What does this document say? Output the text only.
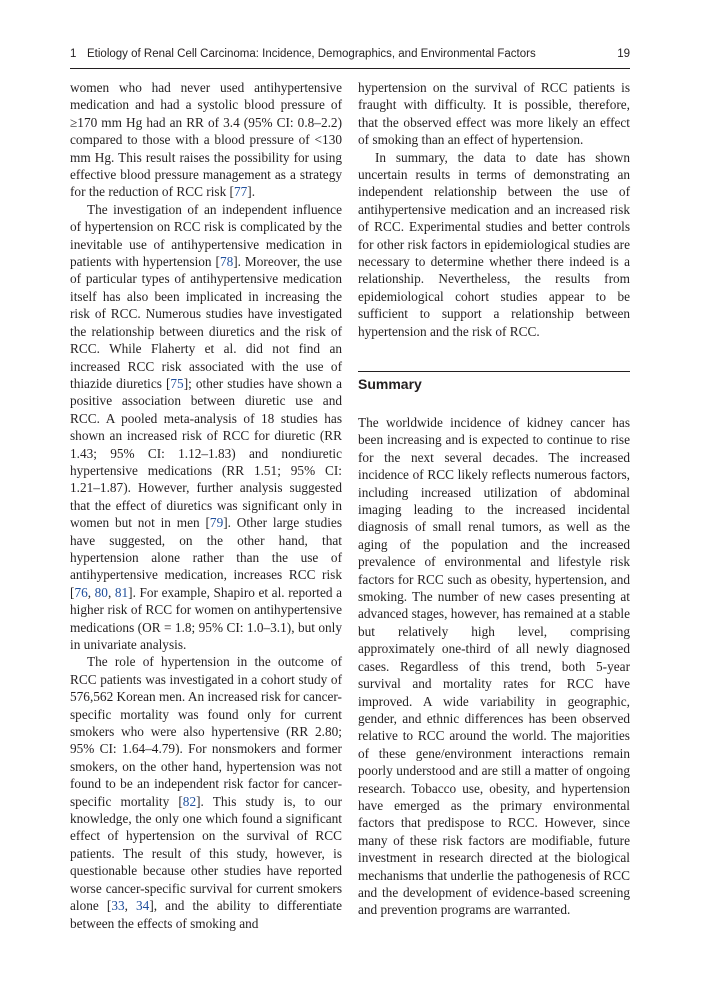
1 Etiology of Renal Cell Carcinoma: Incidence, Demographics, and Environmental Factors	19

women who had never used antihypertensive medication and had a systolic blood pressure of ≥170 mm Hg had an RR of 3.4 (95% CI: 0.8–2.2) compared to those with a blood pressure of <130 mm Hg. This result raises the possibility for using effective blood pressure management as a strategy for the reduction of RCC risk [77].

The investigation of an independent influence of hypertension on RCC risk is complicated by the inevitable use of antihypertensive medication in patients with hypertension [78]. Moreover, the use of particular types of antihypertensive medication itself has also been implicated in increasing the risk of RCC. Numerous studies have investigated the relationship between diuretics and the risk of RCC. While Flaherty et al. did not find an increased RCC risk associated with the use of thiazide diuretics [75]; other studies have shown a positive association between diuretic use and RCC. A pooled meta-analysis of 18 studies has shown an increased risk of RCC for diuretic (RR 1.43; 95% CI: 1.12–1.83) and nondiuretic hypertensive medications (RR 1.51; 95% CI: 1.21–1.87). However, further analysis suggested that the effect of diuretics was significant only in women but not in men [79]. Other large studies have suggested, on the other hand, that hypertension alone rather than the use of antihypertensive medication, increases RCC risk [76, 80, 81]. For example, Shapiro et al. reported a higher risk of RCC for women on antihypertensive medications (OR = 1.8; 95% CI: 1.0–3.1), but only in univariate analysis.

The role of hypertension in the outcome of RCC patients was investigated in a cohort study of 576,562 Korean men. An increased risk for cancer-specific mortality was found only for current smokers who were also hypertensive (RR 2.80; 95% CI: 1.64–4.79). For nonsmokers and former smokers, on the other hand, hypertension was not found to be an independent risk factor for cancer-specific mortality [82]. This study is, to our knowledge, the only one which found a significant effect of hypertension on the survival of RCC patients. The result of this study, however, is questionable because other studies have reported worse cancer-specific survival for current smokers alone [33, 34], and the ability to differentiate between the effects of smoking and

hypertension on the survival of RCC patients is fraught with difficulty. It is possible, therefore, that the observed effect was more likely an effect of smoking than an effect of hypertension.

In summary, the data to date has shown uncertain results in terms of demonstrating an independent relationship between the use of antihypertensive medication and an increased risk of RCC. Experimental studies and better controls for other risk factors in epidemiological studies are necessary to determine whether there indeed is a relationship. Nevertheless, the results from epidemiological cohort studies appear to be sufficient to support a relationship between hypertension and the risk of RCC.

Summary

The worldwide incidence of kidney cancer has been increasing and is expected to continue to rise for the next several decades. The increased incidence of RCC likely reflects numerous factors, including increased utilization of abdominal imaging leading to the increased incidental diagnosis of small renal tumors, as well as the aging of the population and the increased prevalence of environmental and lifestyle risk factors for RCC such as obesity, hypertension, and smoking. The number of new cases presenting at advanced stages, however, has remained at a stable but relatively high level, comprising approximately one-third of all newly diagnosed cases. Regardless of this trend, both 5-year survival and mortality rates for RCC have improved. A wide variability in geographic, gender, and ethnic differences has been observed relative to RCC around the world. The majorities of these gene/environment interactions remain poorly understood and are still a matter of ongoing research. Tobacco use, obesity, and hypertension have emerged as the primary environmental factors that predispose to RCC. However, since many of these risk factors are modifiable, future investment in research directed at the biological mechanisms that underlie the pathogenesis of RCC and the development of evidence-based screening and prevention programs are warranted.
